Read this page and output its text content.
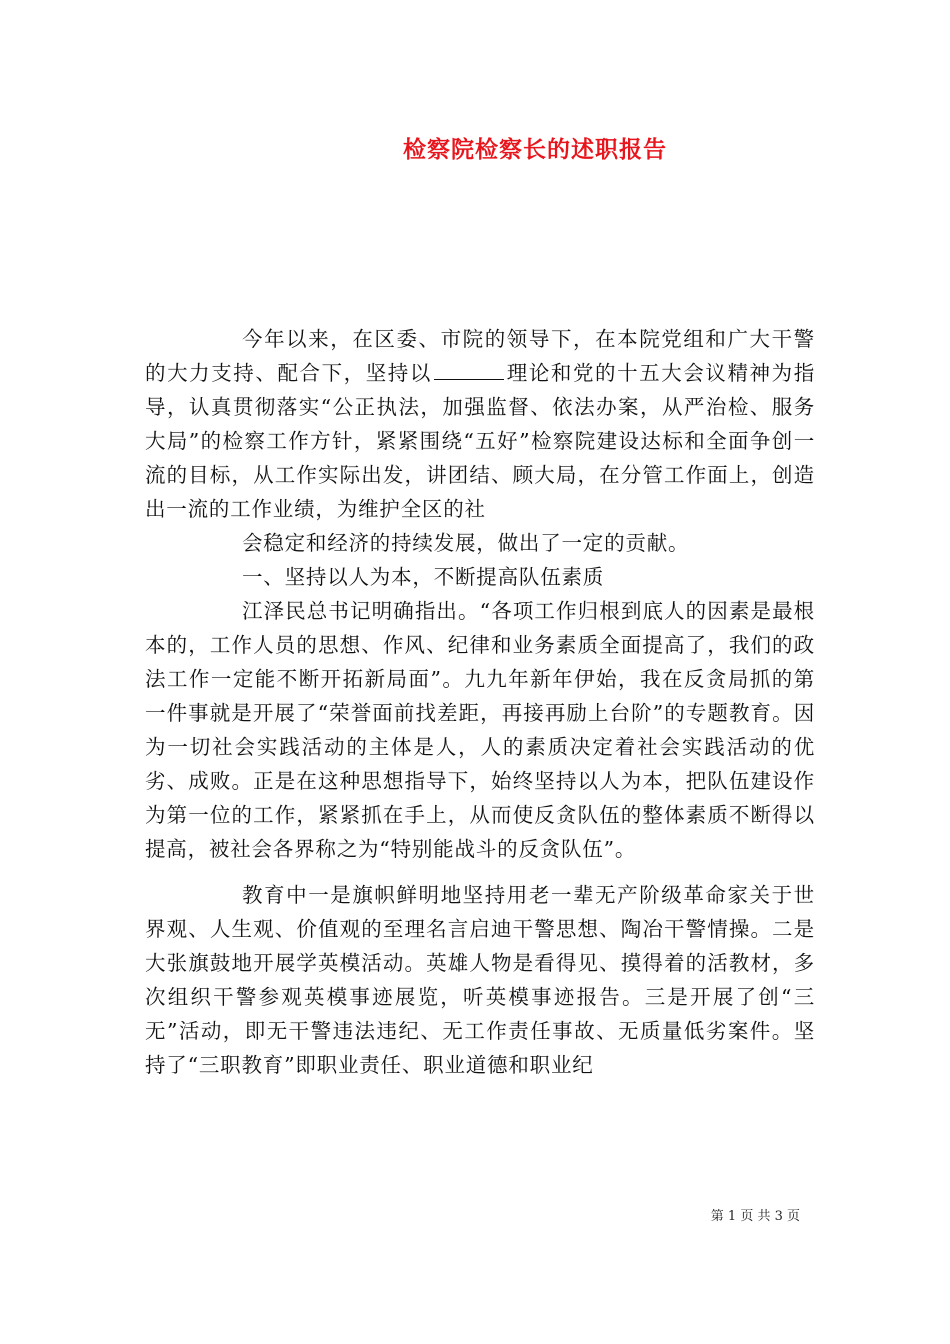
检察院检察长的述职报告

今年以来，在区委、市院的领导下，在本院党组和广大干警的大力支持、配合下，坚持以	理论和党的十五大会议精神为指导，认真贯彻落实“公正执法，加强监督、依法办案，从严治检、服务大局”的检察工作方针，紧紧围绕“五好”检察院建设达标和全面争创一流的目标，从工作实际出发，讲团结、顾大局，在分管工作面上，创造出一流的工作业绩，为维护全区的社

会稳定和经济的持续发展，做出了一定的贡献。

一、坚持以人为本，不断提高队伍素质

江泽民总书记明确指出。“各项工作归根到底人的因素是最根本的，工作人员的思想、作风、纪律和业务素质全面提高了，我们的政法工作一定能不断开拓新局面”。九九年新年伊始，我在反贪局抓的第一件事就是开展了“荣誉面前找差距，再接再励上台阶”的专题教育。因为一切社会实践活动的主体是人，人的素质决定着社会实践活动的优劣、成败。正是在这种思想指导下，始终坚持以人为本，把队伍建设作为第一位的工作，紧紧抓在手上，从而使反贪队伍的整体素质不断得以提高，被社会各界称之为“特别能战斗的反贪队伍”。

教育中一是旗帜鲜明地坚持用老一辈无产阶级革命家关于世界观、人生观、价值观的至理名言启迪干警思想、陶冶干警情操。二是大张旗鼓地开展学英模活动。英雄人物是看得见、摸得着的活教材，多次组织干警参观英模事迹展览，听英模事迹报告。三是开展了创“三无”活动，即无干警违法违纪、无工作责任事故、无质量低劣案件。坚持了“三职教育”即职业责任、职业道德和职业纪

第 1 页 共 3 页
